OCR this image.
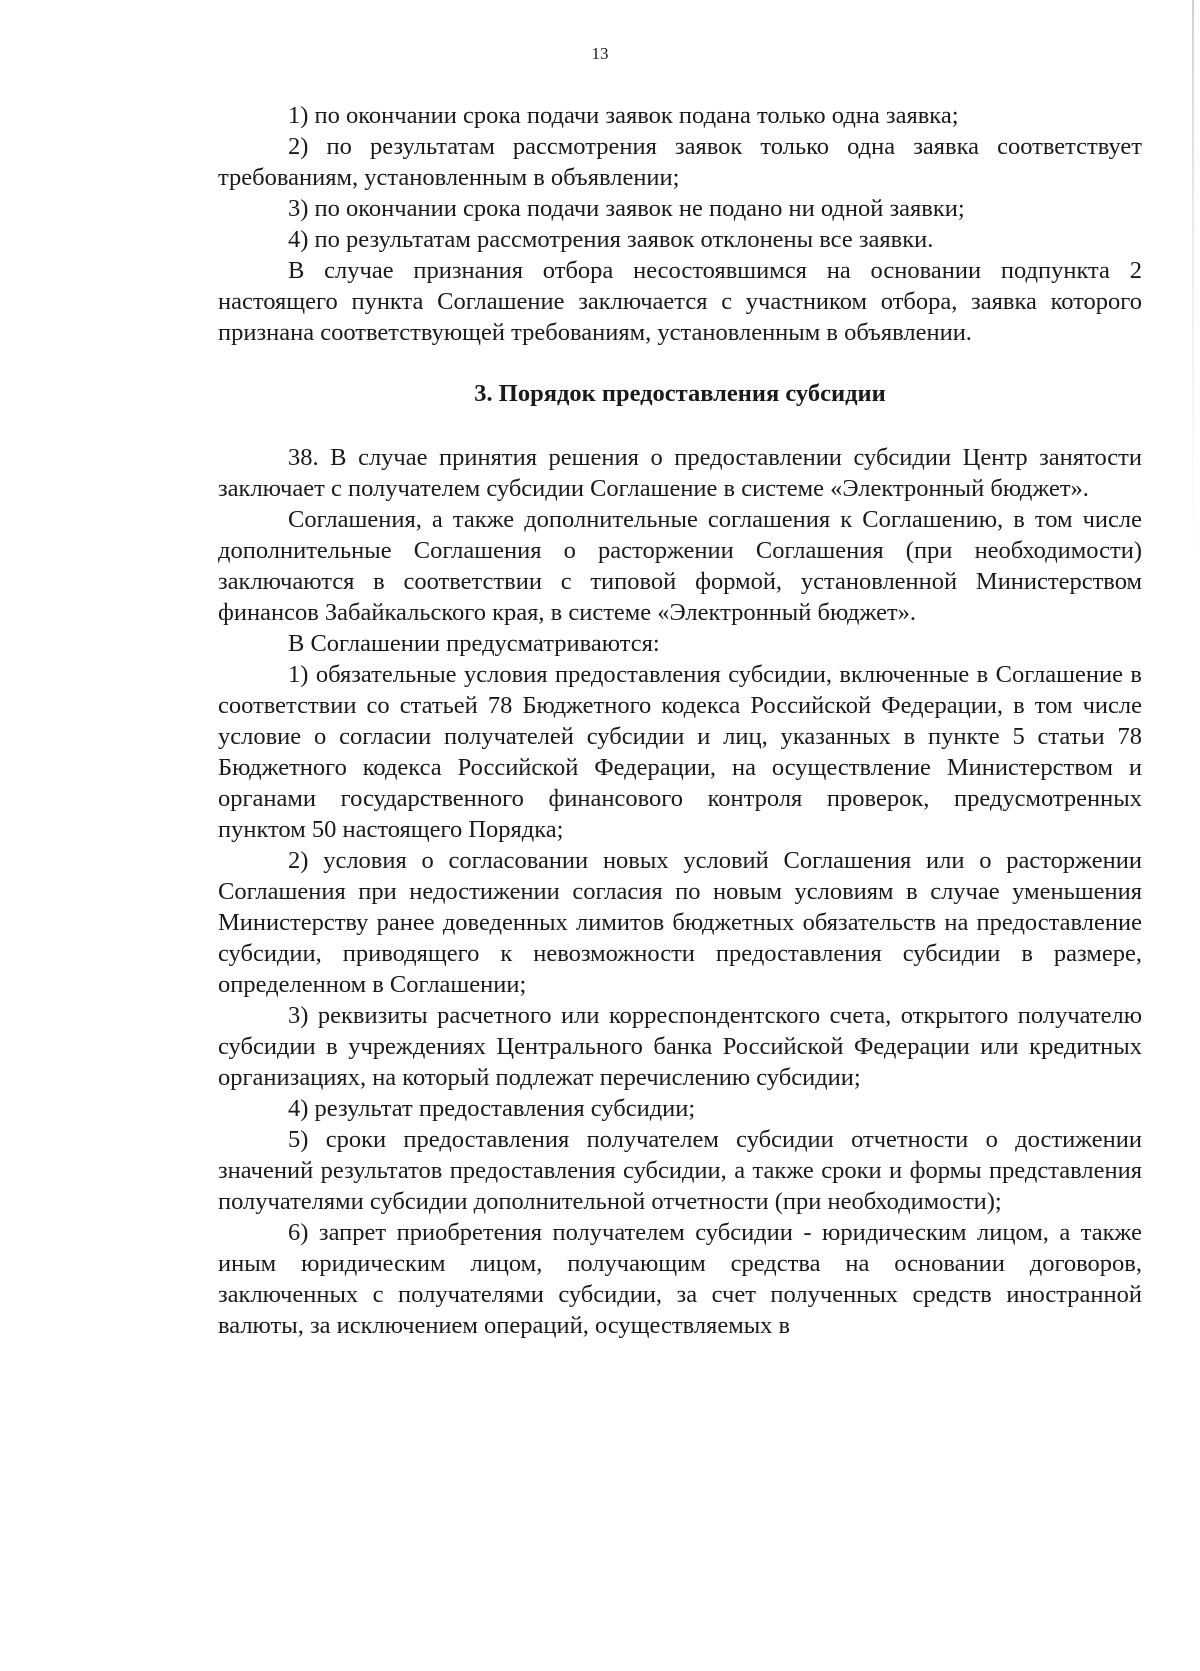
13

1) по окончании срока подачи заявок подана только одна заявка;

2) по результатам рассмотрения заявок только одна заявка соответствует требованиям, установленным в объявлении;

3) по окончании срока подачи заявок не подано ни одной заявки;

4) по результатам рассмотрения заявок отклонены все заявки.

В случае признания отбора несостоявшимся на основании подпункта 2 настоящего пункта Соглашение заключается с участником отбора, заявка которого признана соответствующей требованиям, установленным в объявлении.

3. Порядок предоставления субсидии

38. В случае принятия решения о предоставлении субсидии Центр занятости заключает с получателем субсидии Соглашение в системе «Электронный бюджет».

Соглашения, а также дополнительные соглашения к Соглашению, в том числе дополнительные Соглашения о расторжении Соглашения (при необходимости) заключаются в соответствии с типовой формой, установленной Министерством финансов Забайкальского края, в системе «Электронный бюджет».

В Соглашении предусматриваются:

1) обязательные условия предоставления субсидии, включенные в Соглашение в соответствии со статьей 78 Бюджетного кодекса Российской Федерации, в том числе условие о согласии получателей субсидии и лиц, указанных в пункте 5 статьи 78 Бюджетного кодекса Российской Федерации, на осуществление Министерством и органами государственного финансового контроля проверок, предусмотренных пунктом 50 настоящего Порядка;

2) условия о согласовании новых условий Соглашения или о расторжении Соглашения при недостижении согласия по новым условиям в случае уменьшения Министерству ранее доведенных лимитов бюджетных обязательств на предоставление субсидии, приводящего к невозможности предоставления субсидии в размере, определенном в Соглашении;

3) реквизиты расчетного или корреспондентского счета, открытого получателю субсидии в учреждениях Центрального банка Российской Федерации или кредитных организациях, на который подлежат перечислению субсидии;

4) результат предоставления субсидии;

5) сроки предоставления получателем субсидии отчетности о достижении значений результатов предоставления субсидии, а также сроки и формы представления получателями субсидии дополнительной отчетности (при необходимости);

6) запрет приобретения получателем субсидии - юридическим лицом, а также иным юридическим лицом, получающим средства на основании договоров, заключенных с получателями субсидии, за счет полученных средств иностранной валюты, за исключением операций, осуществляемых в
